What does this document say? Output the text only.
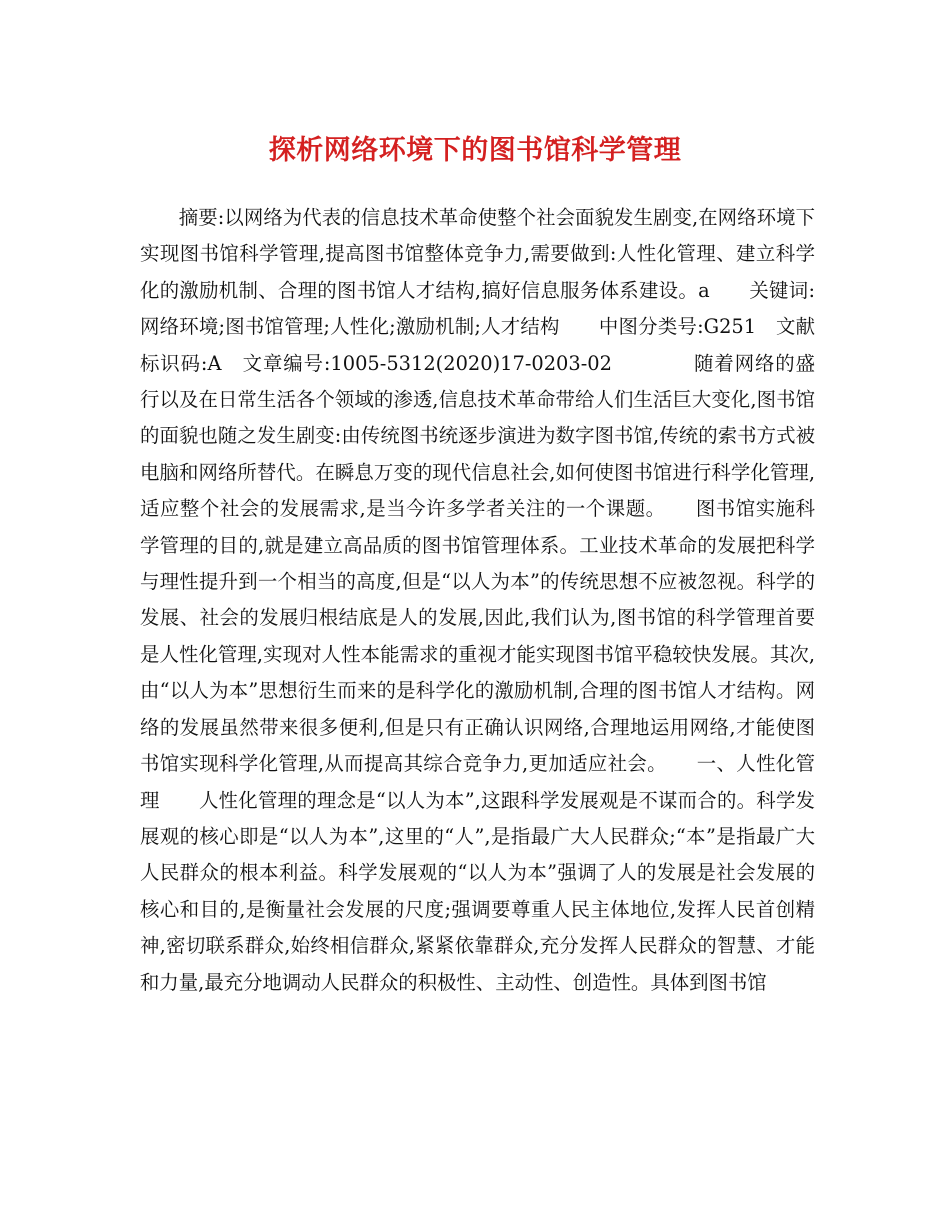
探析网络环境下的图书馆科学管理

摘要:以网络为代表的信息技术革命使整个社会面貌发生剧变,在网络环境下实现图书馆科学管理,提高图书馆整体竞争力,需要做到:人性化管理、建立科学化的激励机制、合理的图书馆人才结构,搞好信息服务体系建设。a　　关键词:网络环境;图书馆管理;人性化;激励机制;人才结构　　中图分类号:G251　文献标识码:A　文章编号:1005-5312(2020)17-0203-02　　　　随着网络的盛行以及在日常生活各个领域的渗透,信息技术革命带给人们生活巨大变化,图书馆的面貌也随之发生剧变:由传统图书统逐步演进为数字图书馆,传统的索书方式被电脑和网络所替代。在瞬息万变的现代信息社会,如何使图书馆进行科学化管理,适应整个社会的发展需求,是当今许多学者关注的一个课题。　　图书馆实施科学管理的目的,就是建立高品质的图书馆管理体系。工业技术革命的发展把科学与理性提升到一个相当的高度,但是“以人为本”的传统思想不应被忽视。科学的发展、社会的发展归根结底是人的发展,因此,我们认为,图书馆的科学管理首要是人性化管理,实现对人性本能需求的重视才能实现图书馆平稳较快发展。其次,由“以人为本”思想衍生而来的是科学化的激励机制,合理的图书馆人才结构。网络的发展虽然带来很多便利,但是只有正确认识网络,合理地运用网络,才能使图书馆实现科学化管理,从而提高其综合竞争力,更加适应社会。　　一、人性化管理　　人性化管理的理念是“以人为本”,这跟科学发展观是不谋而合的。科学发展观的核心即是“以人为本”,这里的“人”,是指最广大人民群众;“本”是指最广大人民群众的根本利益。科学发展观的“以人为本”强调了人的发展是社会发展的核心和目的,是衡量社会发展的尺度;强调要尊重人民主体地位,发挥人民首创精神,密切联系群众,始终相信群众,紧紧依靠群众,充分发挥人民群众的智慧、才能和力量,最充分地调动人民群众的积极性、主动性、创造性。具体到图书馆
